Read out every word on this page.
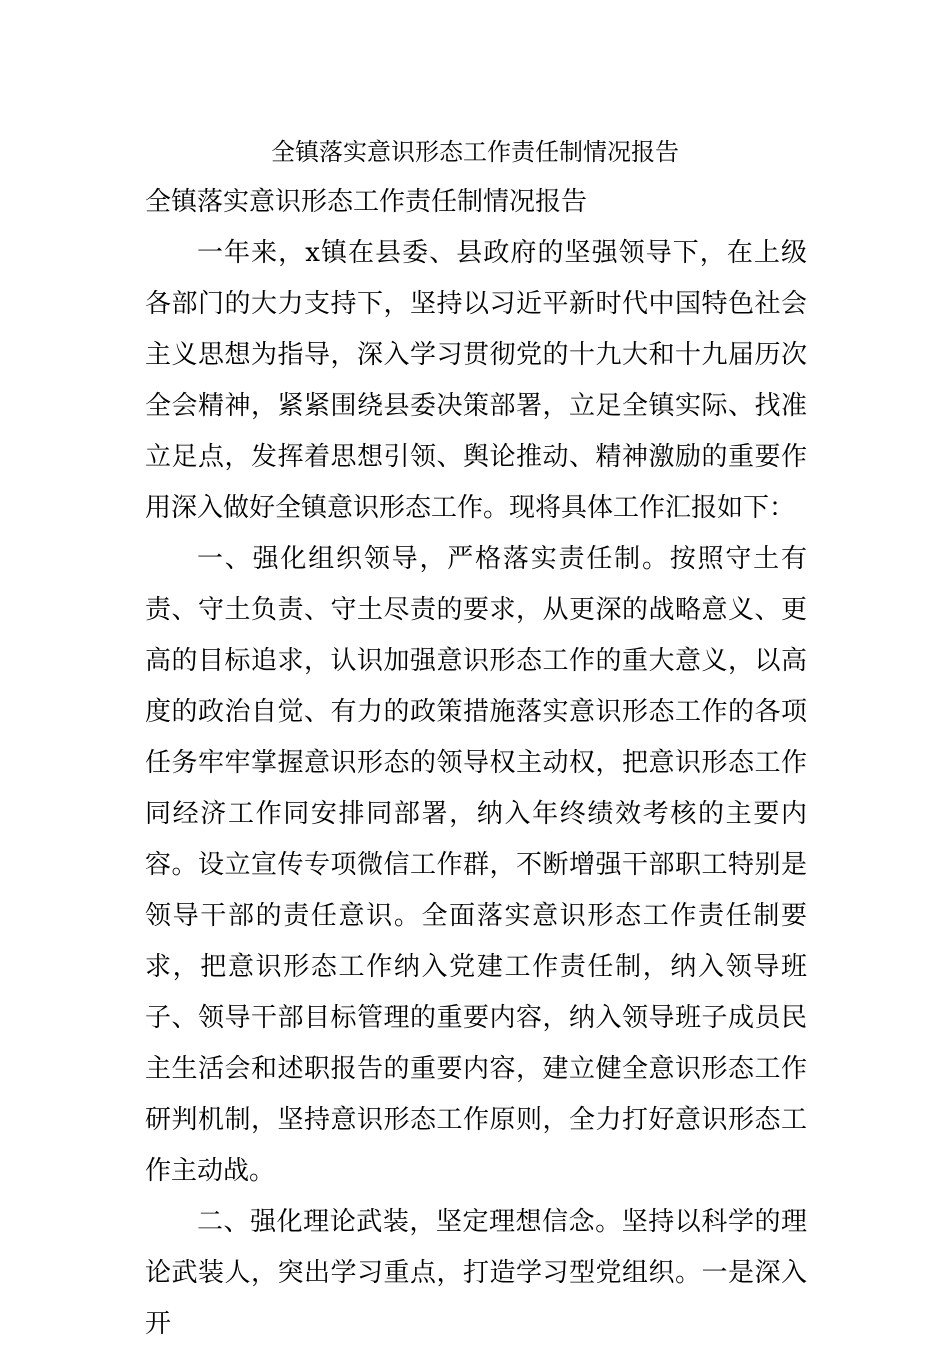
全镇落实意识形态工作责任制情况报告

全镇落实意识形态工作责任制情况报告

一年来，x镇在县委、县政府的坚强领导下，在上级各部门的大力支持下，坚持以习近平新时代中国特色社会主义思想为指导，深入学习贯彻党的十九大和十九届历次全会精神，紧紧围绕县委决策部署，立足全镇实际、找准立足点，发挥着思想引领、舆论推动、精神激励的重要作用深入做好全镇意识形态工作。现将具体工作汇报如下：

一、强化组织领导，严格落实责任制。按照守土有责、守土负责、守土尽责的要求，从更深的战略意义、更高的目标追求，认识加强意识形态工作的重大意义，以高度的政治自觉、有力的政策措施落实意识形态工作的各项任务牢牢掌握意识形态的领导权主动权，把意识形态工作同经济工作同安排同部署，纳入年终绩效考核的主要内容。设立宣传专项微信工作群，不断增强干部职工特别是领导干部的责任意识。全面落实意识形态工作责任制要求，把意识形态工作纳入党建工作责任制，纳入领导班子、领导干部目标管理的重要内容，纳入领导班子成员民主生活会和述职报告的重要内容，建立健全意识形态工作研判机制，坚持意识形态工作原则，全力打好意识形态工作主动战。

二、强化理论武装，坚定理想信念。坚持以科学的理论武装人，突出学习重点，打造学习型党组织。一是深入开
